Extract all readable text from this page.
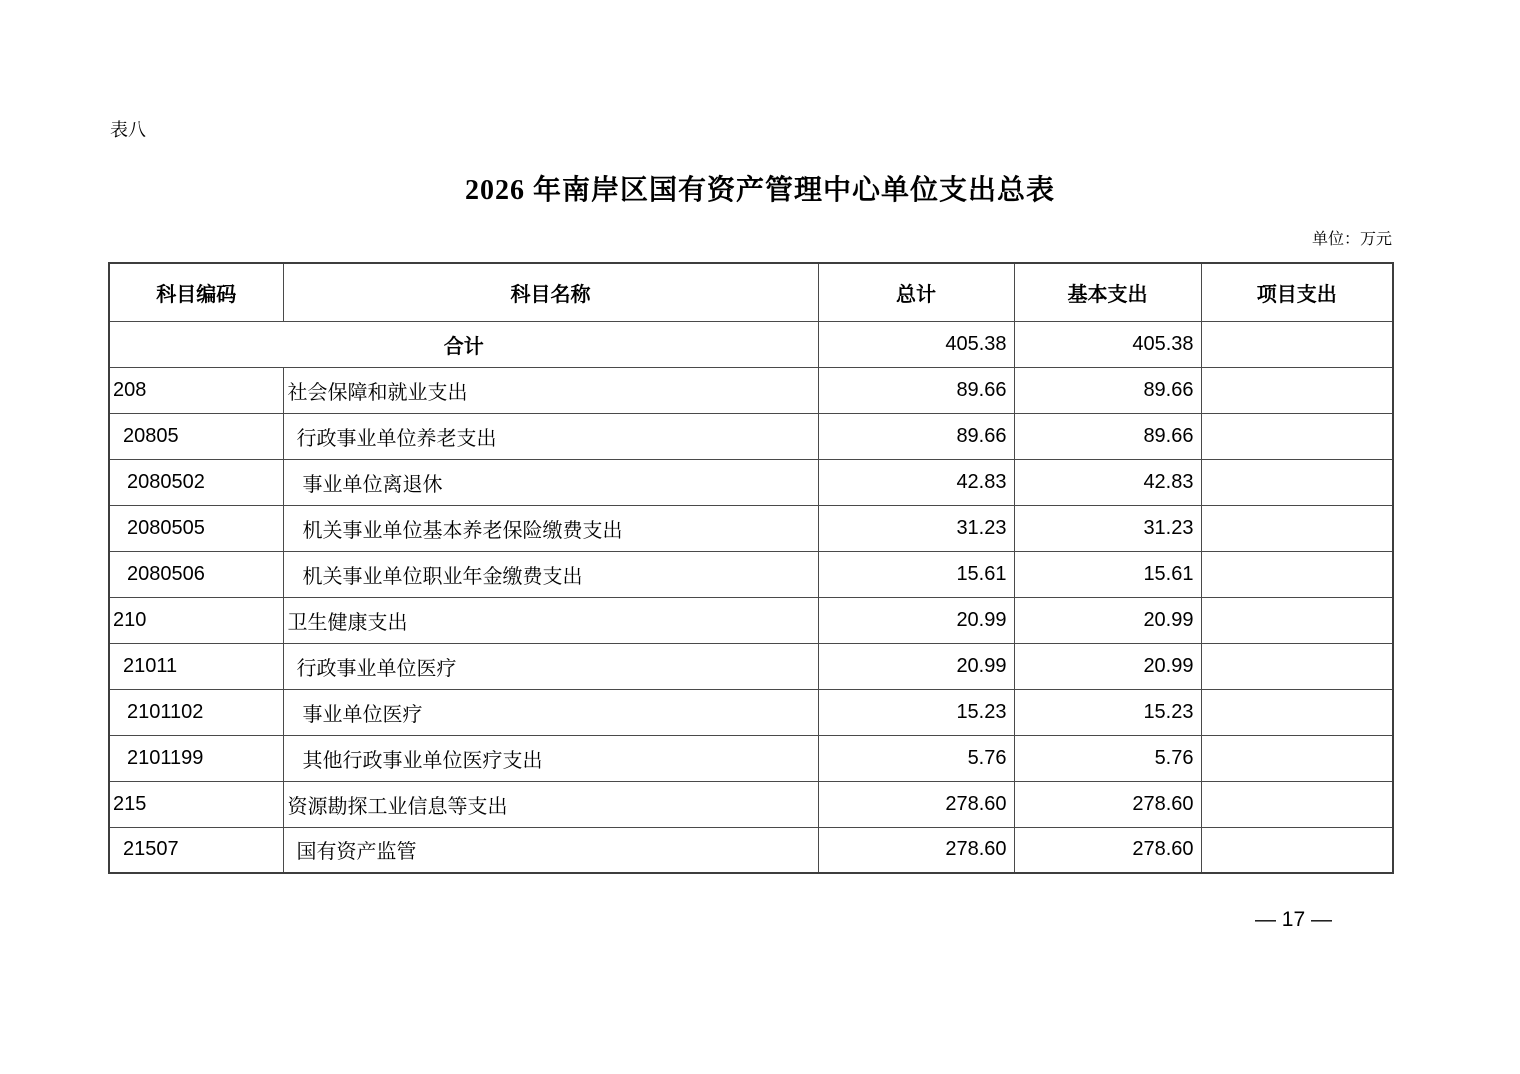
表八
2026 年南岸区国有资产管理中心单位支出总表
单位：万元
科目编码	科目名称	总计	基本支出	项目支出
合计		405.38	405.38	
208	社会保障和就业支出	89.66	89.66	
20805	行政事业单位养老支出	89.66	89.66	
2080502	事业单位离退休	42.83	42.83	
2080505	机关事业单位基本养老保险缴费支出	31.23	31.23	
2080506	机关事业单位职业年金缴费支出	15.61	15.61	
210	卫生健康支出	20.99	20.99	
21011	行政事业单位医疗	20.99	20.99	
2101102	事业单位医疗	15.23	15.23	
2101199	其他行政事业单位医疗支出	5.76	5.76	
215	资源勘探工业信息等支出	278.60	278.60	
21507	国有资产监管	278.60	278.60	
— 17 —
